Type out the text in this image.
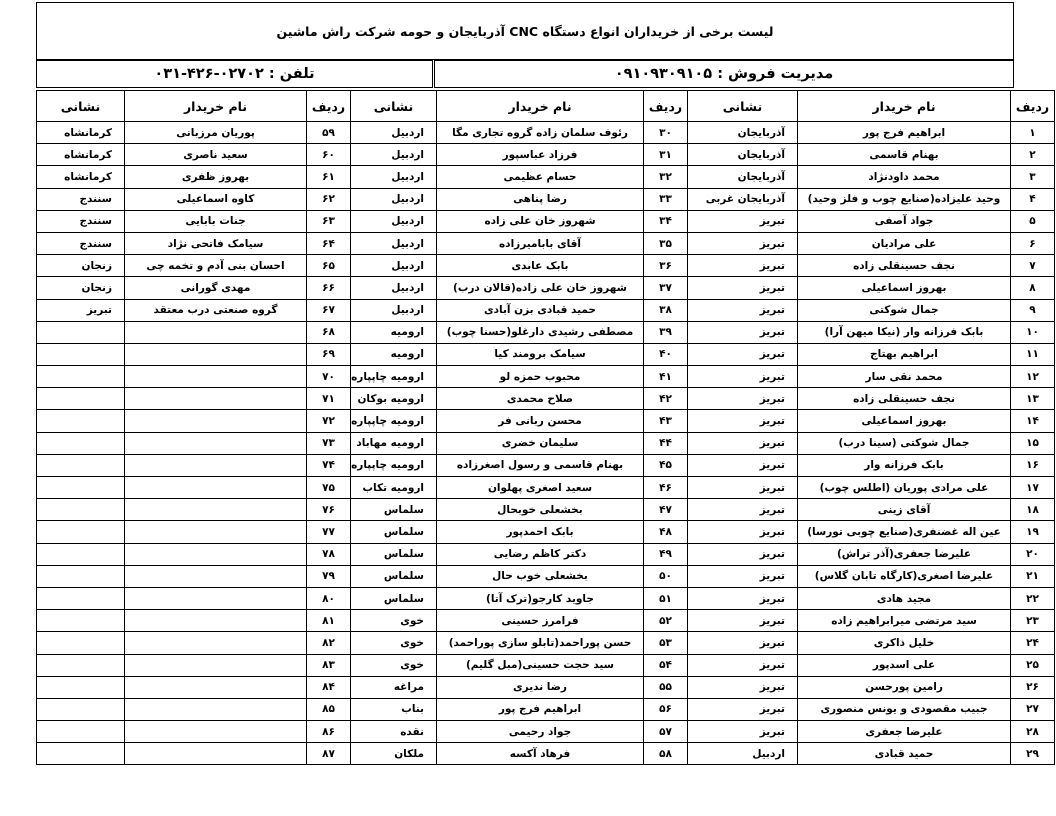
لیست برخی از خریداران انواع دستگاه CNC آذربایجان و حومه شرکت راش ماشین
مدیریت فروش : ۰۹۱۰۹۳۰۹۱۰۵
تلفن : ۰۲۷۰۲-۴۲۶-۰۳۱
ردیف	نام خریدار	نشانی	ردیف	نام خریدار	نشانی	ردیف	نام خریدار	نشانی
۱	ابراهیم فرج پور	آذربایجان	۳۰	رئوف سلمان زاده گروه تجاری مگا	اردبیل	۵۹	پوریان مرزبانی	کرمانشاه
۲	بهنام قاسمی	آذربایجان	۳۱	فرزاد عباسپور	اردبیل	۶۰	سعید ناصری	کرمانشاه
۳	محمد داودنژاد	آذربایجان	۳۲	حسام عظیمی	اردبیل	۶۱	بهروز ظفری	کرمانشاه
۴	وحید علیزاده(صنایع چوب و فلز وحید)	آذربایجان غربی	۳۳	رضا پناهی	اردبیل	۶۲	کاوه اسماعیلی	سنندج
۵	جواد آصفی	تبریز	۳۴	شهروز خان علی زاده	اردبیل	۶۳	جنات بابایی	سنندج
۶	علی مرادیان	تبریز	۳۵	آقای بابامیرزاده	اردبیل	۶۴	سیامک فاتحی نژاد	سنندج
۷	نجف حسینقلی زاده	تبریز	۳۶	بابک عابدی	اردبیل	۶۵	احسان بنی آدم و تخمه چی	زنجان
۸	بهروز اسماعیلی	تبریز	۳۷	شهروز خان علی زاده(قالان درب)	اردبیل	۶۶	مهدی گورانی	زنجان
۹	جمال شوکتی	تبریز	۳۸	حمید قبادی بزن آبادی	اردبیل	۶۷	گروه صنعتی درب معتقد	تبریز
۱۰	بابک فرزانه وار (نیکا میهن آرا)	تبریز	۳۹	مصطفی رشیدی دارغلو(حسنا چوب)	ارومیه	۶۸		
۱۱	ابراهیم بهتاج	تبریز	۴۰	سیامک برومند کیا	ارومیه	۶۹		
۱۲	محمد نقی سار	تبریز	۴۱	محبوب حمزه لو	ارومیه چاپپاره	۷۰		
۱۳	نجف حسینقلی زاده	تبریز	۴۲	صلاح محمدی	ارومیه بوکان	۷۱		
۱۴	بهروز اسماعیلی	تبریز	۴۳	محسن ربانی فر	ارومیه چاپپاره	۷۲		
۱۵	جمال شوکتی (سینا درب)	تبریز	۴۴	سلیمان خضری	ارومیه مهاباد	۷۳		
۱۶	بابک فرزانه وار	تبریز	۴۵	بهنام قاسمی و رسول اصغرزاده	ارومیه چاپپاره	۷۴		
۱۷	علی مرادی پوریان (اطلس چوب)	تبریز	۴۶	سعید اصغری پهلوان	ارومیه تکاب	۷۵		
۱۸	آقای زینی	تبریز	۴۷	بخشعلی خوبحال	سلماس	۷۶		
۱۹	عین اله غضنفری(صنایع چوبی تورسا)	تبریز	۴۸	بابک احمدپور	سلماس	۷۷		
۲۰	علیرضا جعفری(آذر تراش)	تبریز	۴۹	دکتر کاظم رضایی	سلماس	۷۸		
۲۱	علیرضا اصغری(کارگاه تابان گلاس)	تبریز	۵۰	بخشعلی خوب حال	سلماس	۷۹		
۲۲	مجید هادی	تبریز	۵۱	جاوید کارجو(ترک آتا)	سلماس	۸۰		
۲۳	سید مرتضی میرابراهیم زاده	تبریز	۵۲	فرامرز حسینی	خوی	۸۱		
۲۴	خلیل ذاکری	تبریز	۵۳	حسن پوراحمد(تابلو سازی پوراحمد)	خوی	۸۲		
۲۵	علی اسدپور	تبریز	۵۴	سید حجت حسینی(مبل گلیم)	خوی	۸۳		
۲۶	رامین پورحسن	تبریز	۵۵	رضا ندیری	مراغه	۸۴		
۲۷	جبیب مقصودی و یونس منصوری	تبریز	۵۶	ابراهیم فرج پور	بناب	۸۵		
۲۸	علیرضا جعفری	تبریز	۵۷	جواد رحیمی	نقده	۸۶		
۲۹	حمید قبادی	اردبیل	۵۸	فرهاد آکسه	ملکان	۸۷		
